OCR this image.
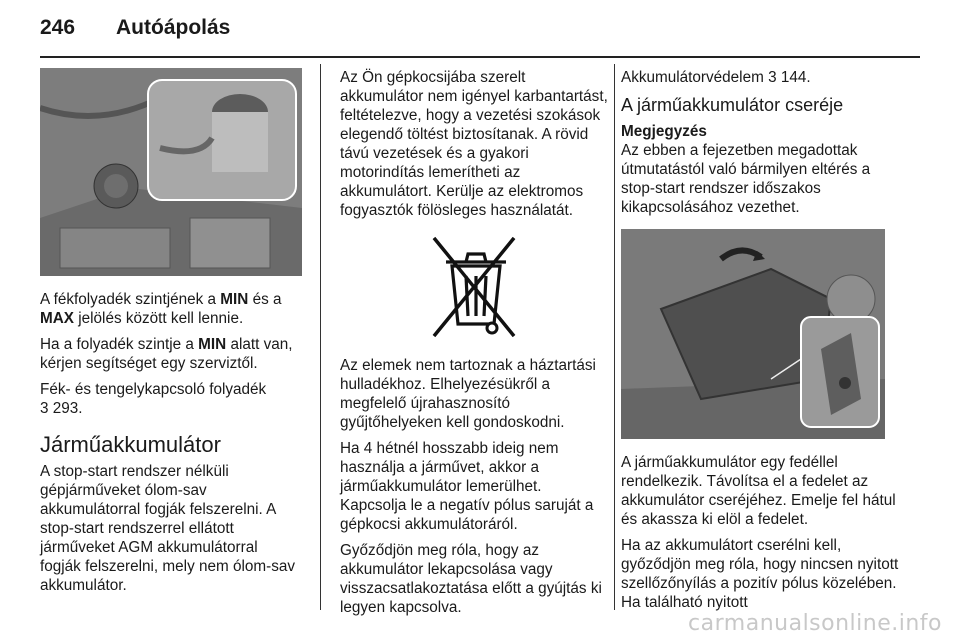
246 Autóápolás

A fékfolyadék szintjének a MIN és a MAX jelölés között kell lennie.

Ha a folyadék szintje a MIN alatt van, kérjen segítséget egy szerviztől.

Fék- és tengelykapcsoló folyadék
3 293.

Járműakkumulátor

A stop-start rendszer nélküli gépjárműveket ólom-sav akkumulátorral fogják felszerelni. A stop-start rendszerrel ellátott járműveket AGM akkumulátorral fogják felszerelni, mely nem ólom-sav akkumulátor.

Az Ön gépkocsijába szerelt akkumulátor nem igényel karbantartást, feltételezve, hogy a vezetési szokások elegendő töltést biztosítanak. A rövid távú vezetések és a gyakori motorindítás lemerítheti az akkumulátort. Kerülje az elektromos fogyasztók fölösleges használatát.

Az elemek nem tartoznak a háztartási hulladékhoz. Elhelyezésükről a megfelelő újrahasznosító gyűjtőhelyeken kell gondoskodni.

Ha 4 hétnél hosszabb ideig nem használja a járművet, akkor a járműakkumulátor lemerülhet.

Kapcsolja le a negatív pólus saruját a gépkocsi akkumulátoráról.

Győződjön meg róla, hogy az akkumulátor lekapcsolása vagy visszacsatlakoztatása előtt a gyújtás ki legyen kapcsolva.

Akkumulátorvédelem 3 144.

A járműakkumulátor cseréje
Megjegyzés
Az ebben a fejezetben megadottak útmutatástól való bármilyen eltérés a stop-start rendszer időszakos kikapcsolásához vezethet.

A járműakkumulátor egy fedéllel rendelkezik. Távolítsa el a fedelet az akkumulátor cseréjéhez. Emelje fel hátul és akassza ki elöl a fedelet.

Ha az akkumulátort cserélni kell, győződjön meg róla, hogy nincsen nyitott szellőzőnyílás a pozitív pólus közelében. Ha található nyitott

carmanualsonline.info
